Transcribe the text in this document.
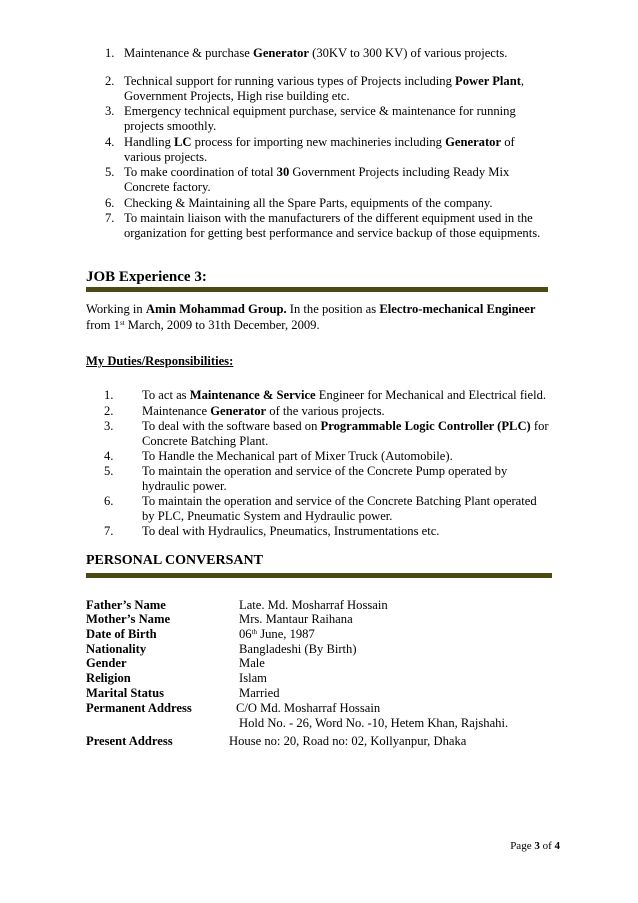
1. Maintenance & purchase Generator (30KV to 300 KV) of various projects.
2. Technical support for running various types of Projects including Power Plant,
Government Projects, High rise building etc.
3. Emergency technical equipment purchase, service & maintenance for running
projects smoothly.
4. Handling LC process for importing new machineries including Generator of
various projects.
5. To make coordination of total 30 Government Projects including Ready Mix
Concrete factory.
6. Checking & Maintaining all the Spare Parts, equipments of the company.
7. To maintain liaison with the manufacturers of the different equipment used in the
organization for getting best performance and service backup of those equipments.
JOB Experience 3:
Working in Amin Mohammad Group. In the position as Electro-mechanical Engineer
from 1st March, 2009 to 31th December, 2009.
My Duties/Responsibilities:
1. To act as Maintenance & Service Engineer for Mechanical and Electrical field.
2. Maintenance Generator of the various projects.
3. To deal with the software based on Programmable Logic Controller (PLC) for
Concrete Batching Plant.
4. To Handle the Mechanical part of Mixer Truck (Automobile).
5. To maintain the operation and service of the Concrete Pump operated by
hydraulic power.
6. To maintain the operation and service of the Concrete Batching Plant operated
by PLC, Pneumatic System and Hydraulic power.
7. To deal with Hydraulics, Pneumatics, Instrumentations etc.
PERSONAL CONVERSANT
Father’s Name	Late. Md. Mosharraf Hossain
Mother’s Name	Mrs. Mantaur Raihana
Date of Birth	06th June, 1987
Nationality	Bangladeshi (By Birth)
Gender	Male
Religion	Islam
Marital Status	Married
Permanent Address	C/O Md. Mosharraf Hossain
Hold No. - 26, Word No. -10, Hetem Khan, Rajshahi.
Present Address	House no: 20, Road no: 02, Kollyanpur, Dhaka
Page 3 of 4
